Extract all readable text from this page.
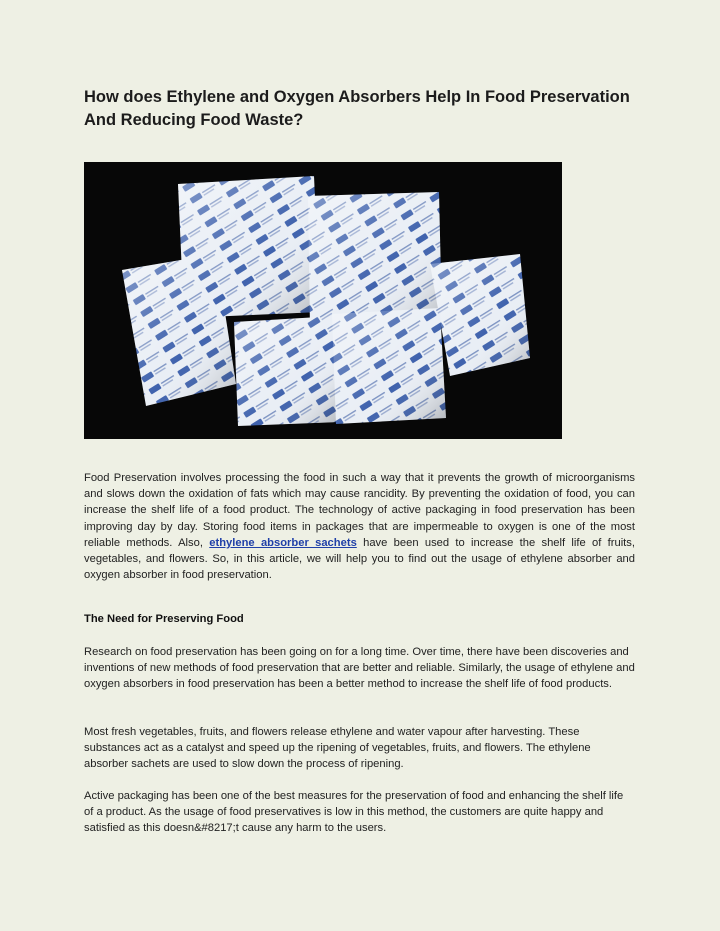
How does Ethylene and Oxygen Absorbers Help In Food Preservation And Reducing Food Waste?

Food Preservation involves processing the food in such a way that it prevents the growth of microorganisms and slows down the oxidation of fats which may cause rancidity. By preventing the oxidation of food, you can increase the shelf life of a food product. The technology of active packaging in food preservation has been improving day by day. Storing food items in packages that are impermeable to oxygen is one of the most reliable methods. Also, ethylene absorber sachets have been used to increase the shelf life of fruits, vegetables, and flowers. So, in this article, we will help you to find out the usage of ethylene absorber and oxygen absorber in food preservation.

The Need for Preserving Food

Research on food preservation has been going on for a long time. Over time, there have been discoveries and inventions of new methods of food preservation that are better and reliable. Similarly, the usage of ethylene and oxygen absorbers in food preservation has been a better method to increase the shelf life of food products.

Most fresh vegetables, fruits, and flowers release ethylene and water vapour after harvesting. These substances act as a catalyst and speed up the ripening of vegetables, fruits, and flowers. The ethylene absorber sachets are used to slow down the process of ripening.

Active packaging has been one of the best measures for the preservation of food and enhancing the shelf life of a product. As the usage of food preservatives is low in this method, the customers are quite happy and satisfied as this doesn&#8217;t cause any harm to the users.
